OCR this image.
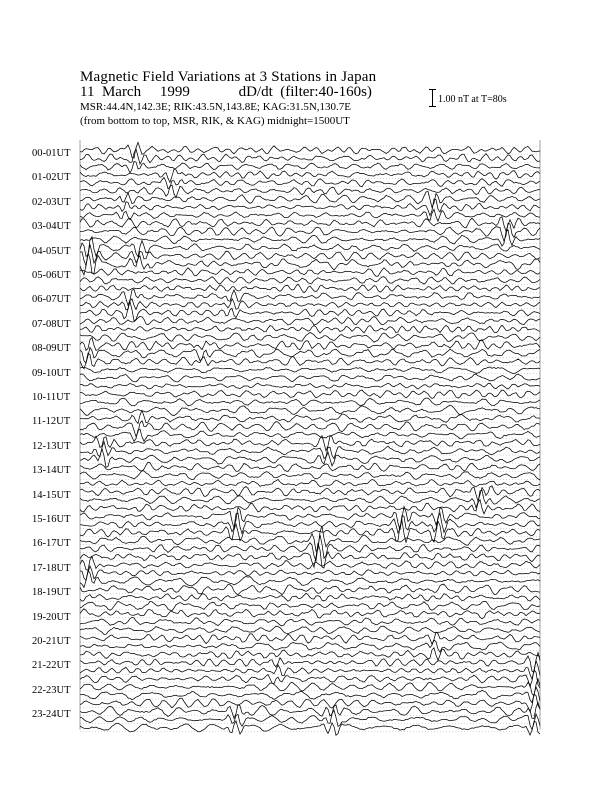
Magnetic Field Variations at 3 Stations in Japan
11  March     1999             dD/dt  (filter:40-160s)
MSR:44.4N,142.3E; RIK:43.5N,143.8E; KAG:31.5N,130.7E
(from bottom to top, MSR, RIK, & KAG) midnight=1500UT
1.00 nT at T=80s
00-01UT
01-02UT
02-03UT
03-04UT
04-05UT
05-06UT
06-07UT
07-08UT
08-09UT
09-10UT
10-11UT
11-12UT
12-13UT
13-14UT
14-15UT
15-16UT
16-17UT
17-18UT
18-19UT
19-20UT
20-21UT
21-22UT
22-23UT
23-24UT
